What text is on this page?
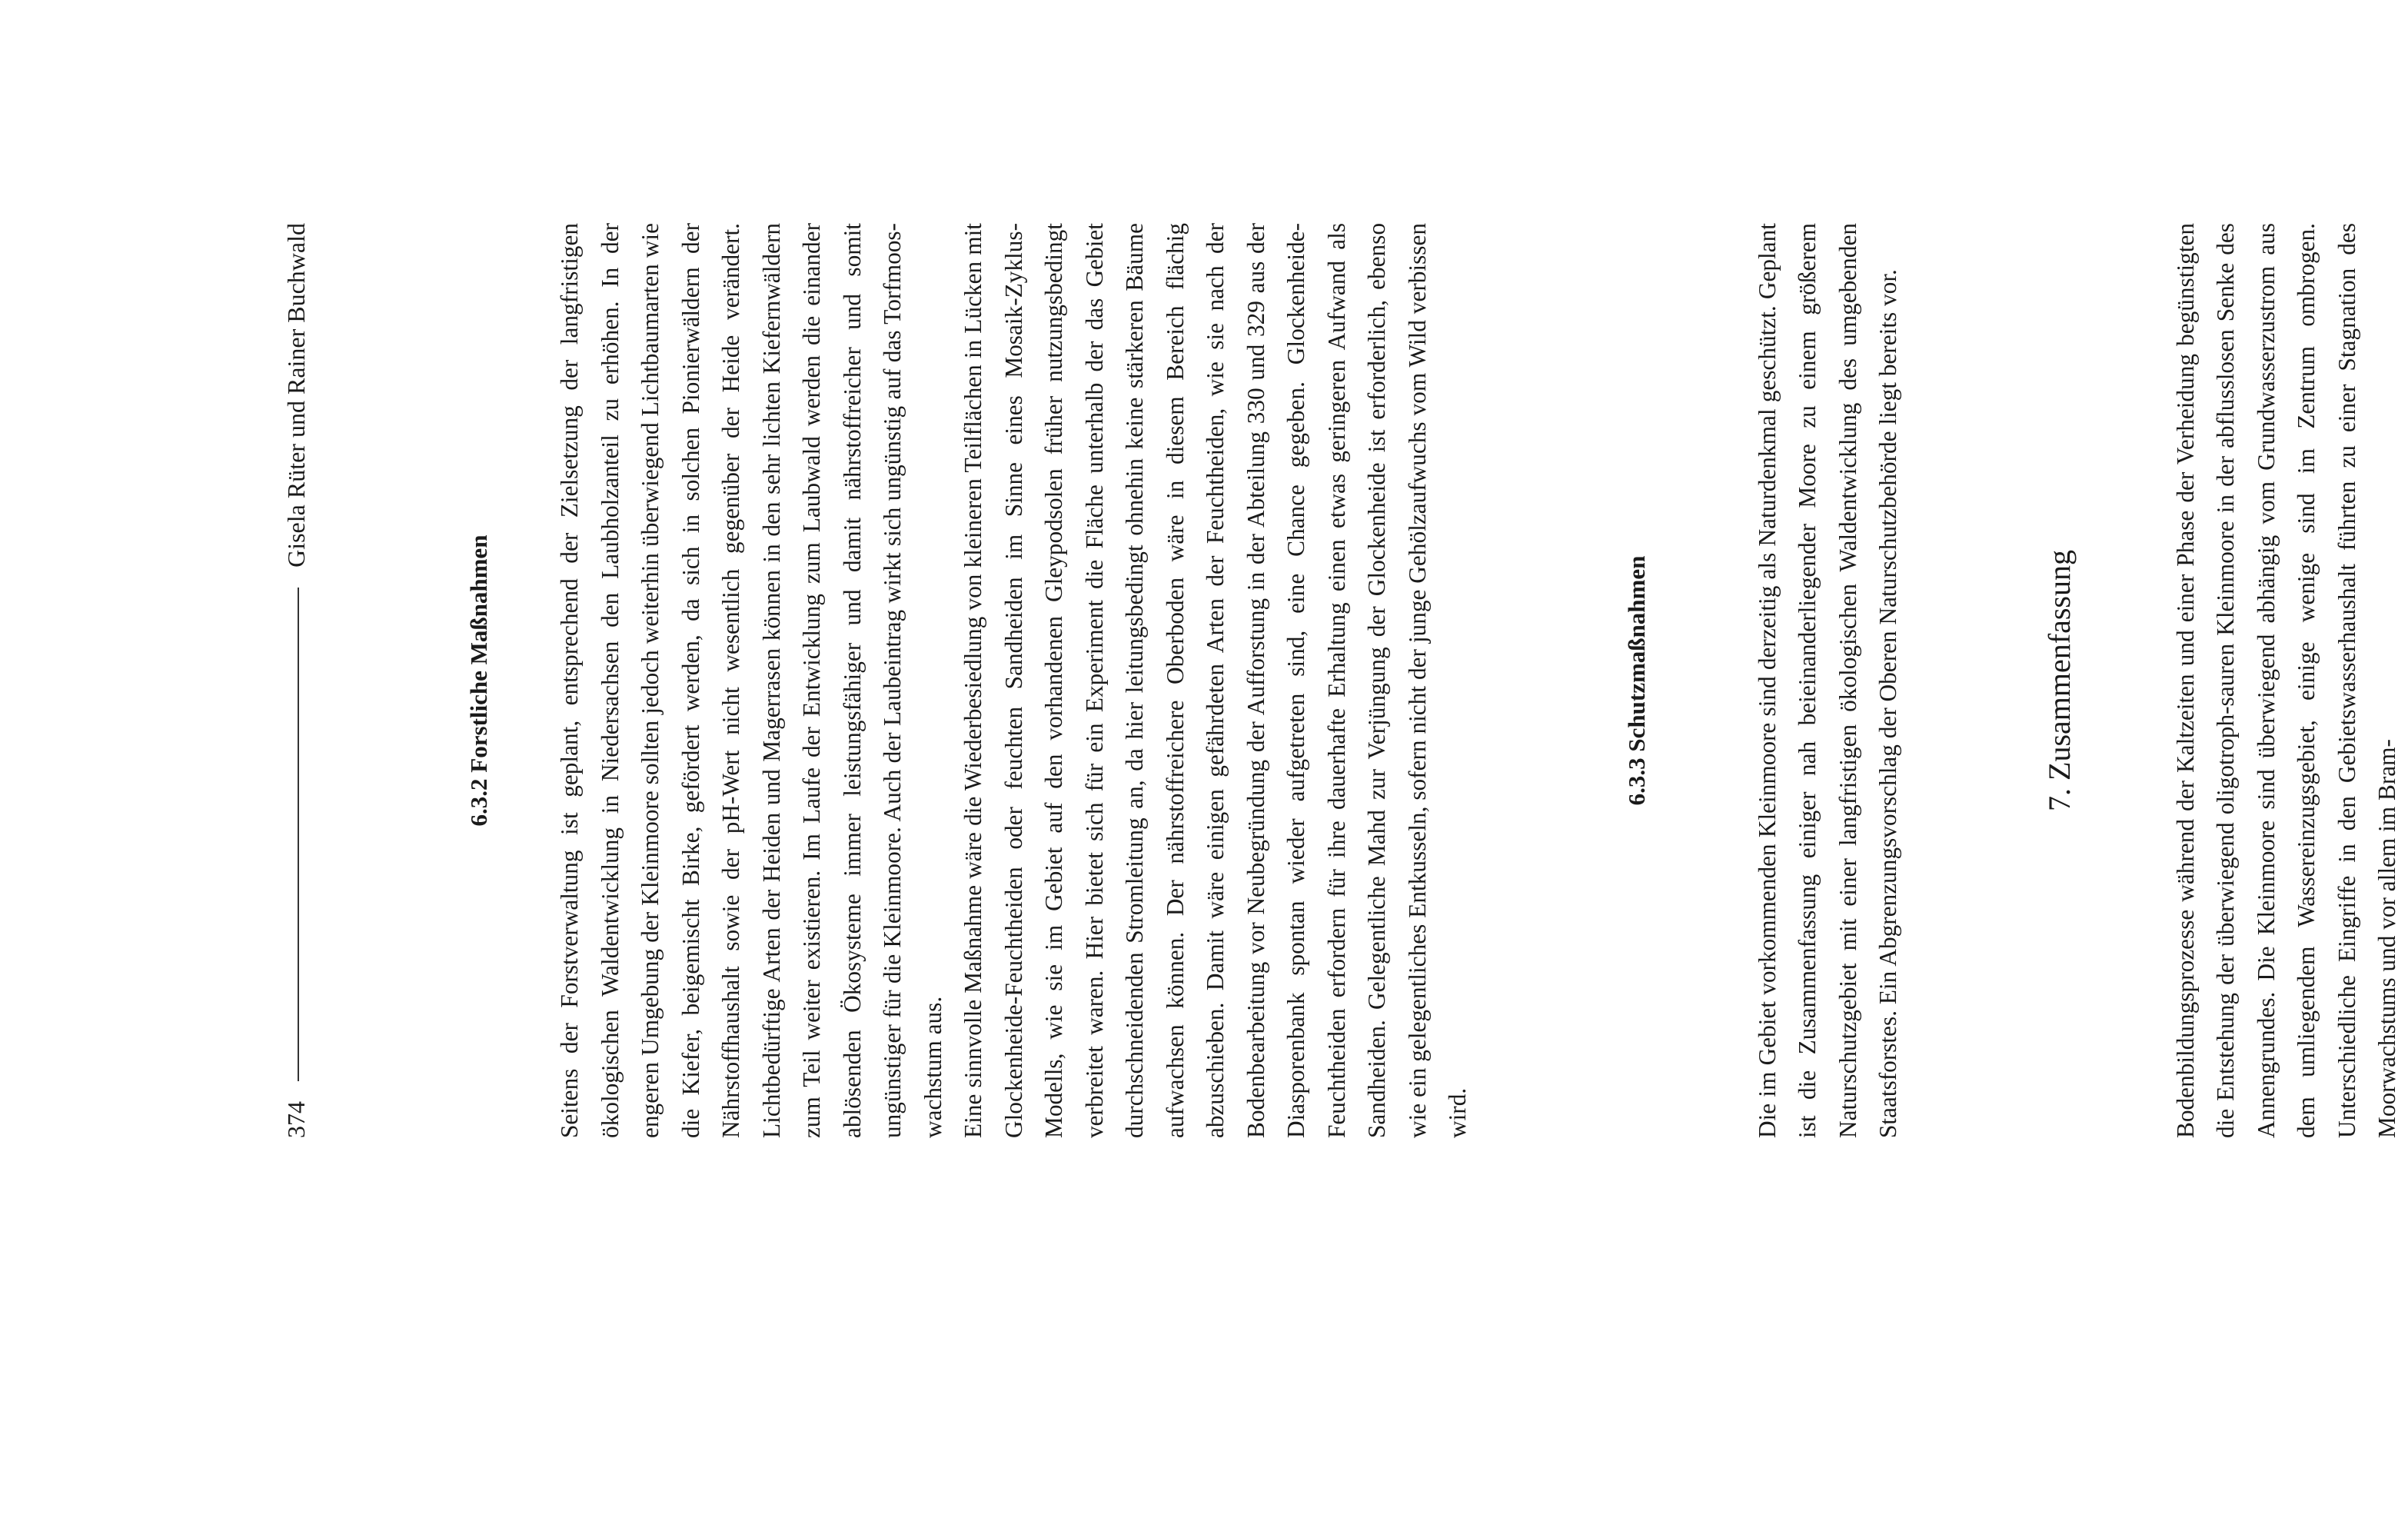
374
Gisela Rüter und Rainer Buchwald
6.3.2 Forstliche Maßnahmen	Seitens der Forstverwaltung ist geplant, entsprechend der Zielsetzung der langfristigen ökologischen Waldentwicklung in Niedersachsen den Laubholzanteil zu erhöhen. In der engeren Umgebung der Kleinmoore sollten jedoch weiterhin überwiegend Lichtbaumarten wie die Kiefer, beigemischt Birke, gefördert werden, da sich in solchen Pionierwäldern der Nährstoffhaushalt sowie der pH-Wert nicht wesentlich gegenüber der Heide verändert. Lichtbedürftige Arten der Heiden und Magerrasen können in den sehr lichten Kiefernwäldern zum Teil weiter existieren. Im Laufe der Entwicklung zum Laubwald werden die einander ablösenden Ökosysteme immer leistungsfähiger und damit nährstoffreicher und somit ungünstiger für die Kleinmoore. Auch der Laubeintrag wirkt sich ungünstig auf das Torfmooswachstum aus. Eine sinnvolle Maßnahme wäre die Wiederbesiedlung von kleineren Teilflächen in Lücken mit Glockenheide-Feuchtheiden oder feuchten Sandheiden im Sinne eines Mosaik-Zyklus-Modells, wie sie im Gebiet auf den vorhandenen Gleypodsolen früher nutzungsbedingt verbreitet waren. Hier bietet sich für ein Experiment die Fläche unterhalb der das Gebiet durchschneidenden Stromleitung an, da hier leitungsbedingt ohnehin keine stärkeren Bäume aufwachsen können. Der nährstoffreichere Oberboden wäre in diesem Bereich flächig abzuschieben. Damit wäre einigen gefährdeten Arten der Feuchtheiden, wie sie nach der Bodenbearbeitung vor Neubegründung der Aufforstung in der Abteilung 330 und 329 aus der Diasporenbank spontan wieder aufgetreten sind, eine Chance gegeben. Glockenheide-Feuchtheiden erfordern für ihre dauerhafte Erhaltung einen etwas geringeren Aufwand als Sandheiden. Gelegentliche Mahd zur Verjüngung der Glockenheide ist erforderlich, ebenso wie ein gelegentliches Entkusseln, sofern nicht der junge Gehölzaufwuchs vom Wild verbissen wird.

6.3.3 Schutzmaßnahmen	Die im Gebiet vorkommenden Kleinmoore sind derzeitig als Naturdenkmal geschützt. Geplant ist die Zusammenfassung einiger nah beieinanderliegender Moore zu einem größerem Naturschutzgebiet mit einer langfristigen ökologischen Waldentwicklung des umgebenden Staatsforstes. Ein Abgrenzungsvorschlag der Oberen Naturschutzbehörde liegt bereits vor.	7. Zusammenfassung	Bodenbildungsprozesse während der Kaltzeiten und einer Phase der Verheidung begünstigten die Entstehung der überwiegend oligotroph-sauren Kleinmoore in der abflusslosen Senke des Annengrundes. Die Kleinmoore sind überwiegend abhängig vom Grundwasserzustrom aus dem umliegendem Wassereinzugsgebiet, einige wenige sind im Zentrum ombrogen. Unterschiedliche Eingriffe in den Gebietswasserhaushalt führten zu einer Stagnation des Moorwachstums und vor allem im Bram-
